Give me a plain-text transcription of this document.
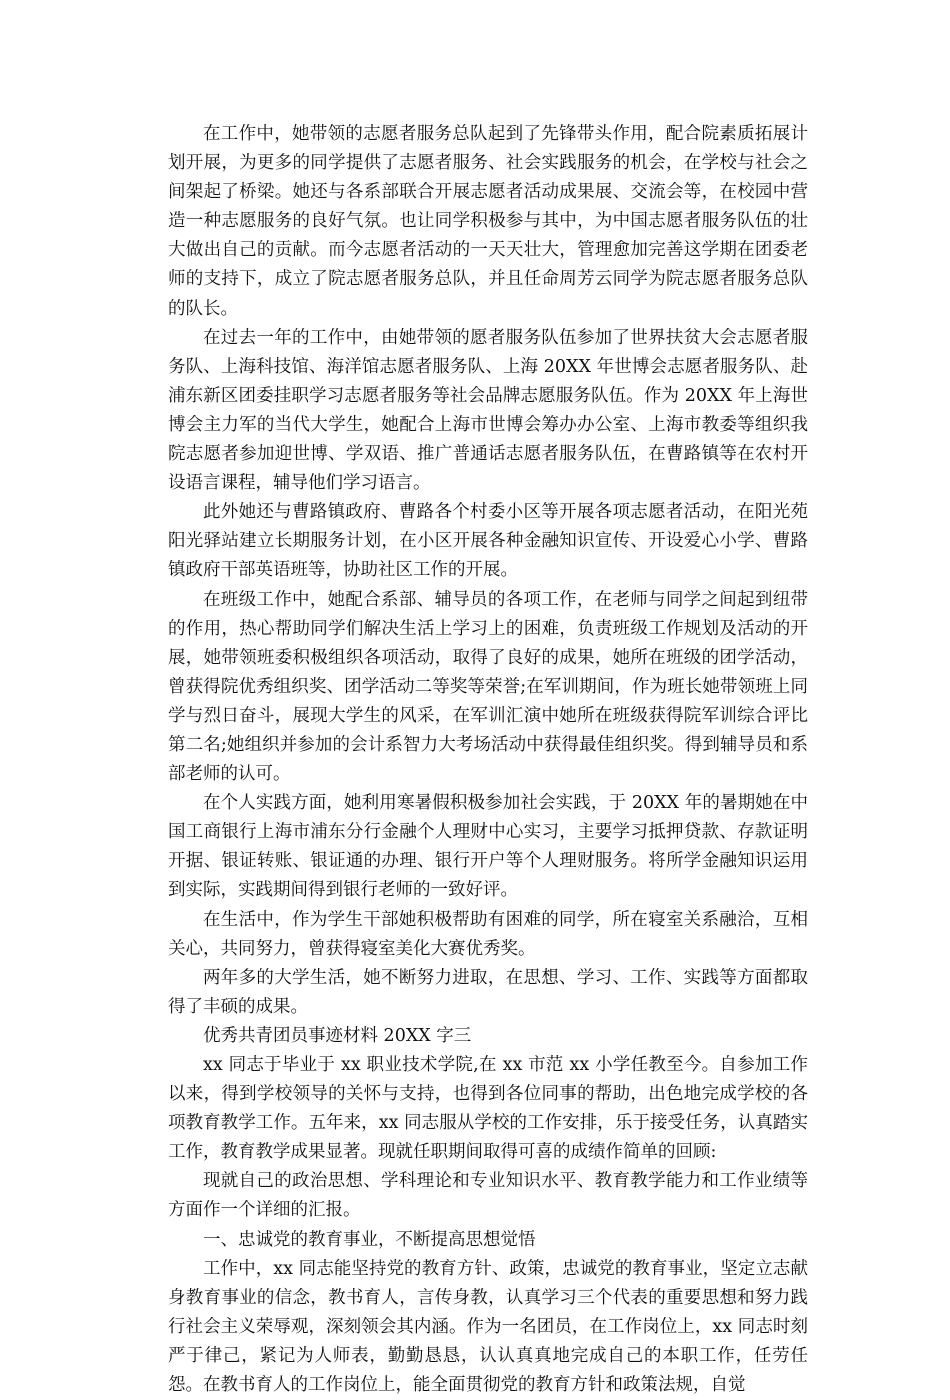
在工作中，她带领的志愿者服务总队起到了先锋带头作用，配合院素质拓展计划开展，为更多的同学提供了志愿者服务、社会实践服务的机会，在学校与社会之间架起了桥梁。她还与各系部联合开展志愿者活动成果展、交流会等，在校园中营造一种志愿服务的良好气氛。也让同学积极参与其中，为中国志愿者服务队伍的壮大做出自己的贡献。而今志愿者活动的一天天壮大，管理愈加完善这学期在团委老师的支持下，成立了院志愿者服务总队，并且任命周芳云同学为院志愿者服务总队的队长。

在过去一年的工作中，由她带领的愿者服务队伍参加了世界扶贫大会志愿者服务队、上海科技馆、海洋馆志愿者服务队、上海 20XX 年世博会志愿者服务队、赴浦东新区团委挂职学习志愿者服务等社会品牌志愿服务队伍。作为 20XX 年上海世博会主力军的当代大学生，她配合上海市世博会筹办办公室、上海市教委等组织我院志愿者参加迎世博、学双语、推广普通话志愿者服务队伍，在曹路镇等在农村开设语言课程，辅导他们学习语言。

此外她还与曹路镇政府、曹路各个村委小区等开展各项志愿者活动，在阳光苑阳光驿站建立长期服务计划，在小区开展各种金融知识宣传、开设爱心小学、曹路镇政府干部英语班等，协助社区工作的开展。

在班级工作中，她配合系部、辅导员的各项工作，在老师与同学之间起到纽带的作用，热心帮助同学们解决生活上学习上的困难，负责班级工作规划及活动的开展，她带领班委积极组织各项活动，取得了良好的成果，她所在班级的团学活动，曾获得院优秀组织奖、团学活动二等奖等荣誉;在军训期间，作为班长她带领班上同学与烈日奋斗，展现大学生的风采，在军训汇演中她所在班级获得院军训综合评比第二名;她组织并参加的会计系智力大考场活动中获得最佳组织奖。得到辅导员和系部老师的认可。

在个人实践方面，她利用寒暑假积极参加社会实践，于 20XX 年的暑期她在中国工商银行上海市浦东分行金融个人理财中心实习，主要学习抵押贷款、存款证明开据、银证转账、银证通的办理、银行开户等个人理财服务。将所学金融知识运用到实际，实践期间得到银行老师的一致好评。

在生活中，作为学生干部她积极帮助有困难的同学，所在寝室关系融洽，互相关心，共同努力，曾获得寝室美化大赛优秀奖。

两年多的大学生活，她不断努力进取，在思想、学习、工作、实践等方面都取得了丰硕的成果。

优秀共青团员事迹材料 20XX 字三

xx 同志于毕业于 xx 职业技术学院,在 xx 市范 xx 小学任教至今。自参加工作以来，得到学校领导的关怀与支持，也得到各位同事的帮助，出色地完成学校的各项教育教学工作。五年来，xx 同志服从学校的工作安排，乐于接受任务，认真踏实工作，教育教学成果显著。现就任职期间取得可喜的成绩作简单的回顾:

现就自己的政治思想、学科理论和专业知识水平、教育教学能力和工作业绩等方面作一个详细的汇报。

一、忠诚党的教育事业，不断提高思想觉悟

工作中，xx 同志能坚持党的教育方针、政策，忠诚党的教育事业，坚定立志献身教育事业的信念，教书育人，言传身教，认真学习三个代表的重要思想和努力践行社会主义荣辱观，深刻领会其内涵。作为一名团员，在工作岗位上，xx 同志时刻严于律己，紧记为人师表，勤勤恳恳，认认真真地完成自己的本职工作，任劳任怨。在教书育人的工作岗位上，能全面贯彻党的教育方针和政策法规，自觉
